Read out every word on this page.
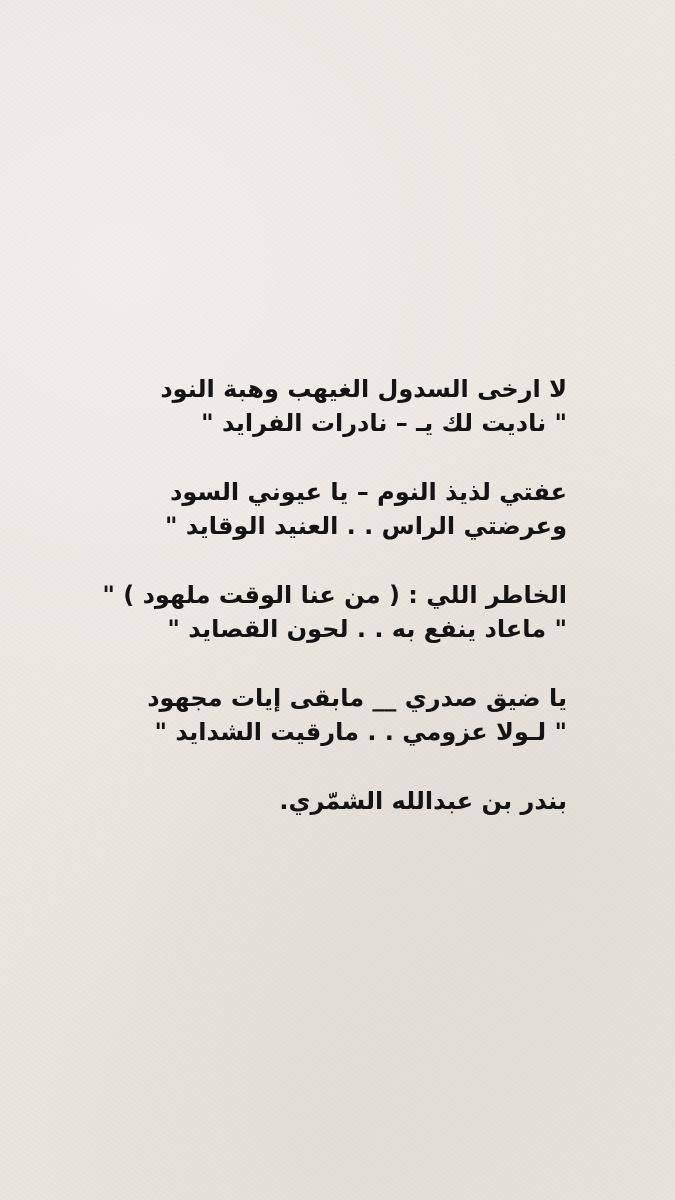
لا ارخى السدول الغيهب وهبة النود
" ناديت لك يـ – نادرات الفرايد "
عفتي لذيذ النوم – يا عيوني السود
وعرضتي الراس . . العنيد الوقايد "
الخاطر اللي : ( من عنا الوقت ملهود ) "
" ماعاد ينفع به . . لحون القصايد "
يا ضيق صدري __ مابقى إيات مجهود
" لـولا عزومي . . مارقيت الشدايد "
بندر بن عبدالله الشمّري.
